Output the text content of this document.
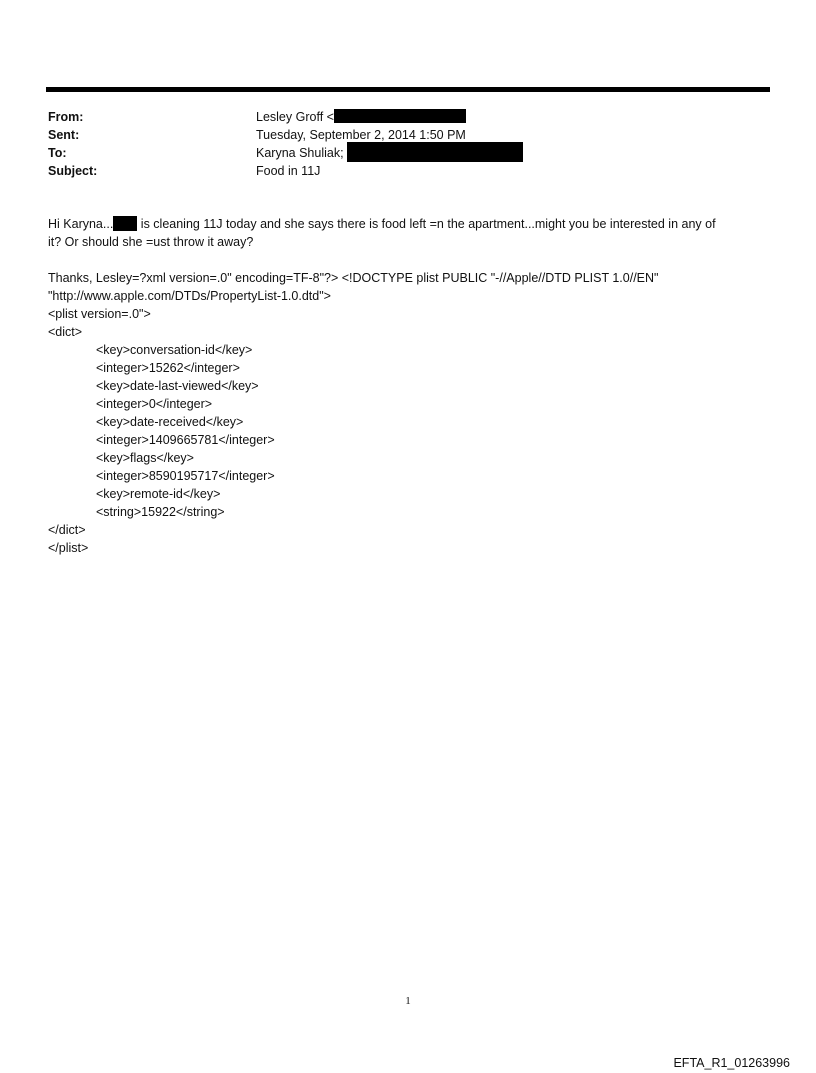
From:	Lesley Groff <
Sent:	Tuesday, September 2, 2014 1:50 PM
To:	Karyna Shuliak;
Subject:	Food in 11J

Hi Karyna... is cleaning 11J today and she says there is food left =n the apartment...might you be interested in any of

it? Or should she =ust throw it away?

Thanks, Lesley=?xml version=.0" encoding=TF-8"?> <!DOCTYPE plist PUBLIC "-//Apple//DTD PLIST 1.0//EN"

"http://www.apple.com/DTDs/PropertyList-1.0.dtd">

<plist version=.0">

<dict>

<key>conversation-id</key>

<integer>15262</integer>

<key>date-last-viewed</key>

<integer>0</integer>

<key>date-received</key>

<integer>1409665781</integer>

<key>flags</key>

<integer>8590195717</integer>

<key>remote-id</key>

<string>15922</string>

</dict>

</plist>

1
EFTA_R1_01263996
